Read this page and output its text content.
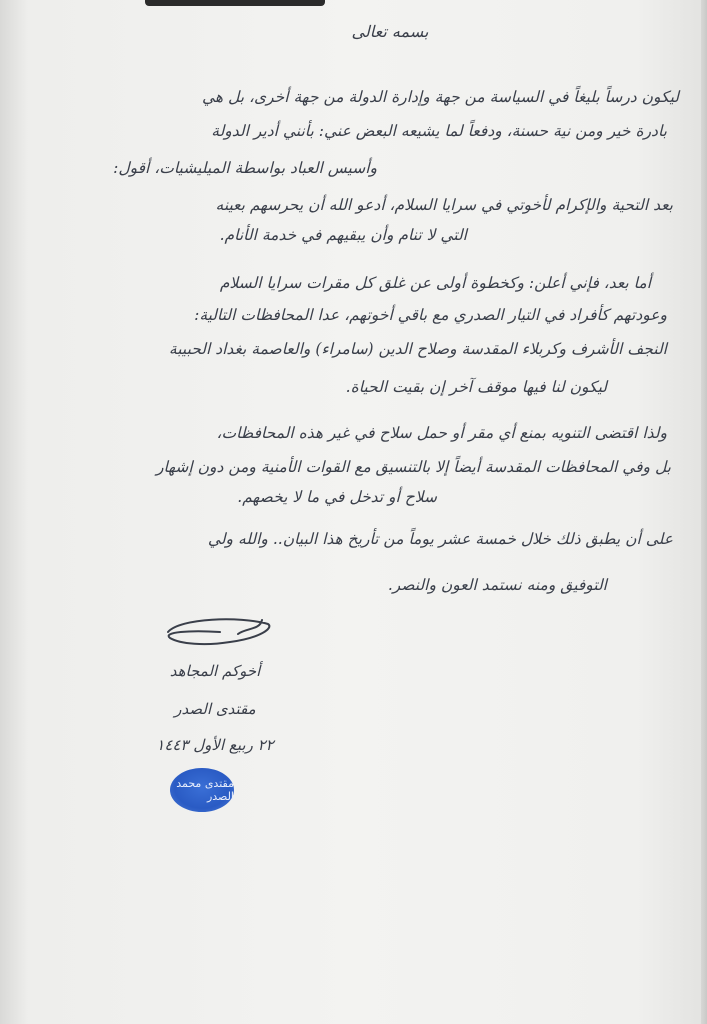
بسمه تعالى
ليكون درساً بليغاً في السياسة من جهة وإدارة الدولة من جهة أخرى، بل هي
بادرة خير ومن نية حسنة، ودفعاً لما يشيعه البعض عني: بأنني أدير الدولة
وأسيس العباد بواسطة الميليشيات، أقول:
بعد التحية والإكرام لأخوتي في سرايا السلام، أدعو الله أن يحرسهم بعينه
التي لا تنام وأن يبقيهم في خدمة الأنام.
أما بعد، فإني أعلن: وكخطوة أولى عن غلق كل مقرات سرايا السلام
وعودتهم كأفراد في التيار الصدري مع باقي أخوتهم، عدا المحافظات التالية:
النجف الأشرف وكربلاء المقدسة وصلاح الدين (سامراء) والعاصمة بغداد الحبيبة
ليكون لنا فيها موقف آخر إن بقيت الحياة.
ولذا اقتضى التنويه بمنع أي مقر أو حمل سلاح في غير هذه المحافظات،
بل وفي المحافظات المقدسة أيضاً إلا بالتنسيق مع القوات الأمنية ومن دون إشهار
سلاح أو تدخل في ما لا يخصهم.
على أن يطبق ذلك خلال خمسة عشر يوماً من تأريخ هذا البيان.. والله ولي
التوفيق ومنه نستمد العون والنصر.
أخوكم المجاهد
مقتدى الصدر
٢٢ ربيع الأول ١٤٤٣
مقتدى محمد الصدر
